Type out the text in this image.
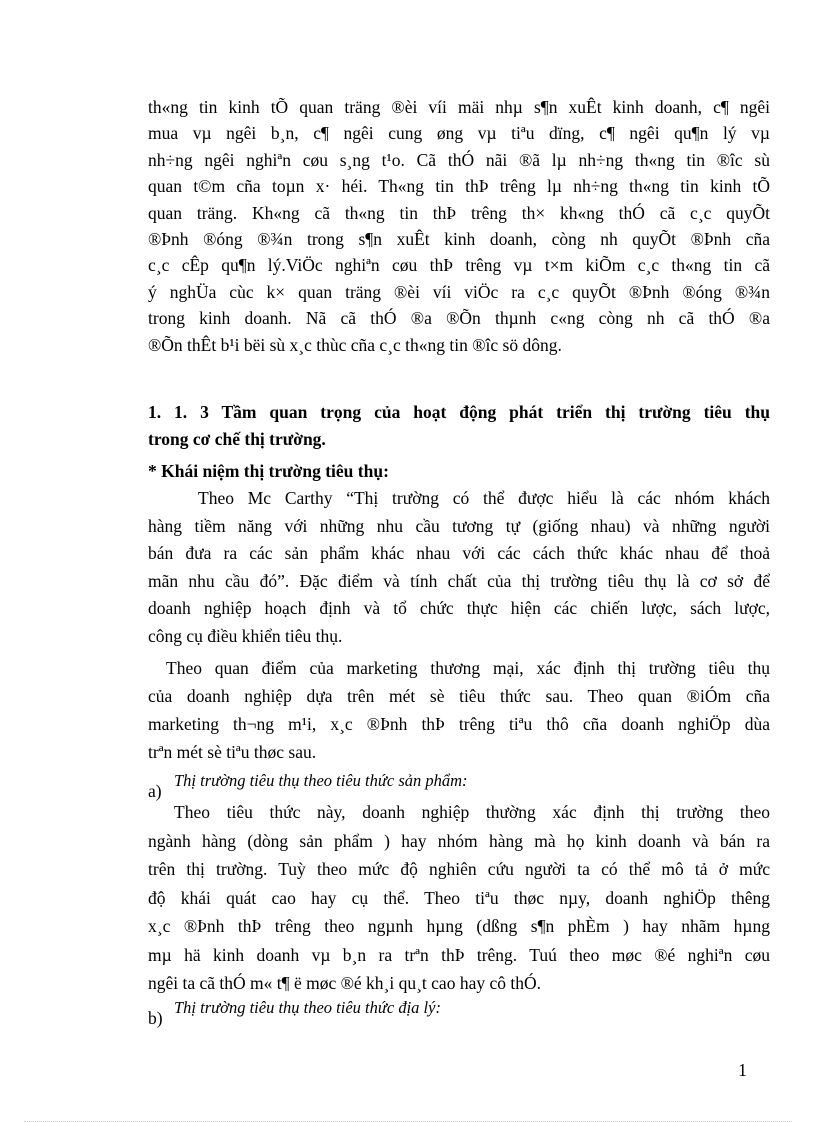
th«ng tin kinh tÕ quan träng ®èi víi mäi nhµ s¶n xuÊt kinh doanh, c¶ ngêi

mua vµ ngêi b¸n, c¶ ngêi cung øng vµ tiªu dïng, c¶ ngêi qu¶n lý vµ

nh÷ng ngêi nghiªn cøu s¸ng t¹o. Cã thÓ nãi ®ã lµ nh÷ng th«ng tin ®îc sù

quan t©m cña toµn x· héi. Th«ng tin thÞ trêng lµ nh÷ng th«ng tin kinh tÕ

quan träng. Kh«ng cã th«ng tin thÞ trêng th× kh«ng thÓ cã c¸c quyÕt

®Þnh ®óng ®¾n trong s¶n xuÊt kinh doanh, còng nh quyÕt ®Þnh cña

c¸c cÊp qu¶n lý.ViÖc nghiªn cøu thÞ trêng vµ t×m kiÕm c¸c th«ng tin cã

ý nghÜa cùc k× quan träng ®èi víi viÖc ra c¸c quyÕt ®Þnh ®óng ®¾n

trong kinh doanh. Nã cã thÓ ®a ®Õn thµnh c«ng còng nh cã thÓ ®a

®Õn thÊt b¹i bëi sù x¸c thùc cña c¸c th«ng tin ®îc sö dông.

1. 1. 3 Tầm quan trọng của hoạt động phát triển thị trường tiêu thụ

trong cơ chế thị trường.

* Khái niệm thị trường tiêu thụ:

Theo Mc Carthy “Thị trường có thể được hiểu là các nhóm khách

hàng tiềm năng với những nhu cầu tương tự (giống nhau) và những người

bán đưa ra các sản phẩm khác nhau với các cách thức khác nhau để thoả

mãn nhu cầu đó”. Đặc điểm và tính chất của thị trường tiêu thụ là cơ sở để

doanh nghiệp hoạch định và tổ chức thực hiện các chiến lược, sách lược,

công cụ điều khiển tiêu thụ.

Theo quan điểm của marketing thương mại, xác định thị trường tiêu thụ

của doanh nghiệp dựa trên mét sè tiêu thức sau. Theo quan ®iÓm cña

marketing th¬ng m¹i, x¸c ®Þnh thÞ trêng tiªu thô cña doanh nghiÖp dùa

trªn mét sè tiªu thøc sau.

a)
Thị trường tiêu thụ theo tiêu thức sản phẩm:

Theo tiêu thức này, doanh nghiệp thường xác định thị trường theo

ngành hàng (dòng sản phẩm ) hay nhóm hàng mà họ kinh doanh và bán ra

trên thị trường. Tuỳ theo mức độ nghiên cứu người ta có thể mô tả ở mức

độ khái quát cao hay cụ thể. Theo tiªu thøc nµy, doanh nghiÖp thêng

x¸c ®Þnh thÞ trêng theo ngµnh hµng (dßng s¶n phÈm ) hay nhãm hµng

mµ hä kinh doanh vµ b¸n ra trªn thÞ trêng. Tuú theo møc ®é nghiªn cøu

ngêi ta cã thÓ m« t¶ ë møc ®é kh¸i qu¸t cao hay cô thÓ.

b)
Thị trường tiêu thụ theo tiêu thức địa lý:
1
